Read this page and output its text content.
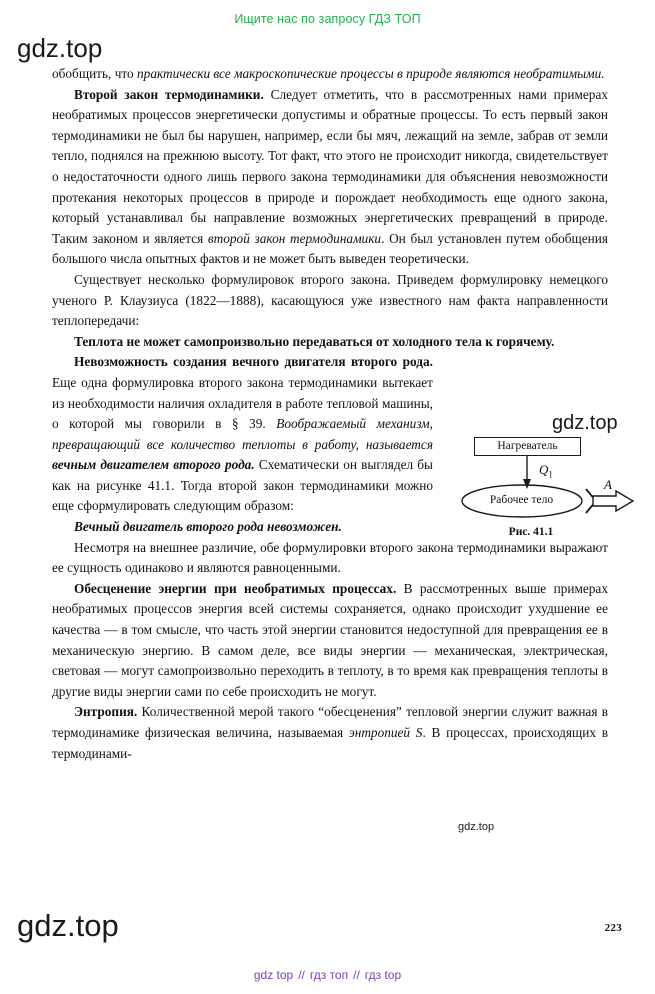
Ищите нас по запросу ГДЗ ТОП
gdz.top
gdz.top
gdz.top
gdz.top	223

обобщить, что практически все макроскопические процессы в природе являются необратимыми.

Второй закон термодинамики. Следует отметить, что в рассмотренных нами примерах необратимых процессов энергетически допустимы и обратные процессы. То есть первый закон термодинамики не был бы нарушен, например, если бы мяч, лежащий на земле, забрав от земли тепло, поднялся на прежнюю высоту. Тот факт, что этого не происходит никогда, свидетельствует о недостаточности одного лишь первого закона термодинамики для объяснения невозможности протекания некоторых процессов в природе и порождает необходимость еще одного закона, который устанавливал бы направление возможных энергетических превращений в природе. Таким законом и является второй закон термодинамики. Он был установлен путем обобщения большого числа опытных фактов и не может быть выведен теоретически.

Существует несколько формулировок второго закона. Приведем формулировку немецкого ученого Р. Клаузиуса (1822—1888), касающуюся уже известного нам факта направленности теплопередачи:

Теплота не может самопроизвольно передаваться от холодного тела к горячему.

Невозможность создания вечного двигателя второго рода. Еще одна формулировка второго закона термодинамики вытекает из необходимости наличия охладителя в работе тепловой машины, о которой мы говорили в § 39. Воображаемый механизм, превращающий все количество теплоты в работу, называется вечным двигателем второго рода. Схематически он выглядел бы как на рисунке 41.1. Тогда второй закон термодинамики можно еще сформулировать следующим образом:

Вечный двигатель второго рода невозможен.

Несмотря на внешнее различие, обе формулировки второго закона термодинамики выражают ее сущность одинаково и являются равноценными.

Обесценение энергии при необратимых процессах. В рассмотренных выше примерах необратимых процессов энергия всей системы сохраняется, однако происходит ухудшение ее качества — в том смысле, что часть этой энергии становится недоступной для превращения ее в механическую энергию. В самом деле, все виды энергии — механическая, электрическая, световая — могут самопроизвольно переходить в теплоту, в то время как превращения теплоты в другие виды энергии сами по себе происходить не могут.

Энтропия. Количественной мерой такого “обесценения” тепловой энергии служит важная в термодинамике физическая величина, называемая энтропией S. В процессах, происходящих в термодинами-

Нагреватель
$Q_1$
A
Рабочее тело
Рис. 41.1
gdz top // гдз топ // гдз top
